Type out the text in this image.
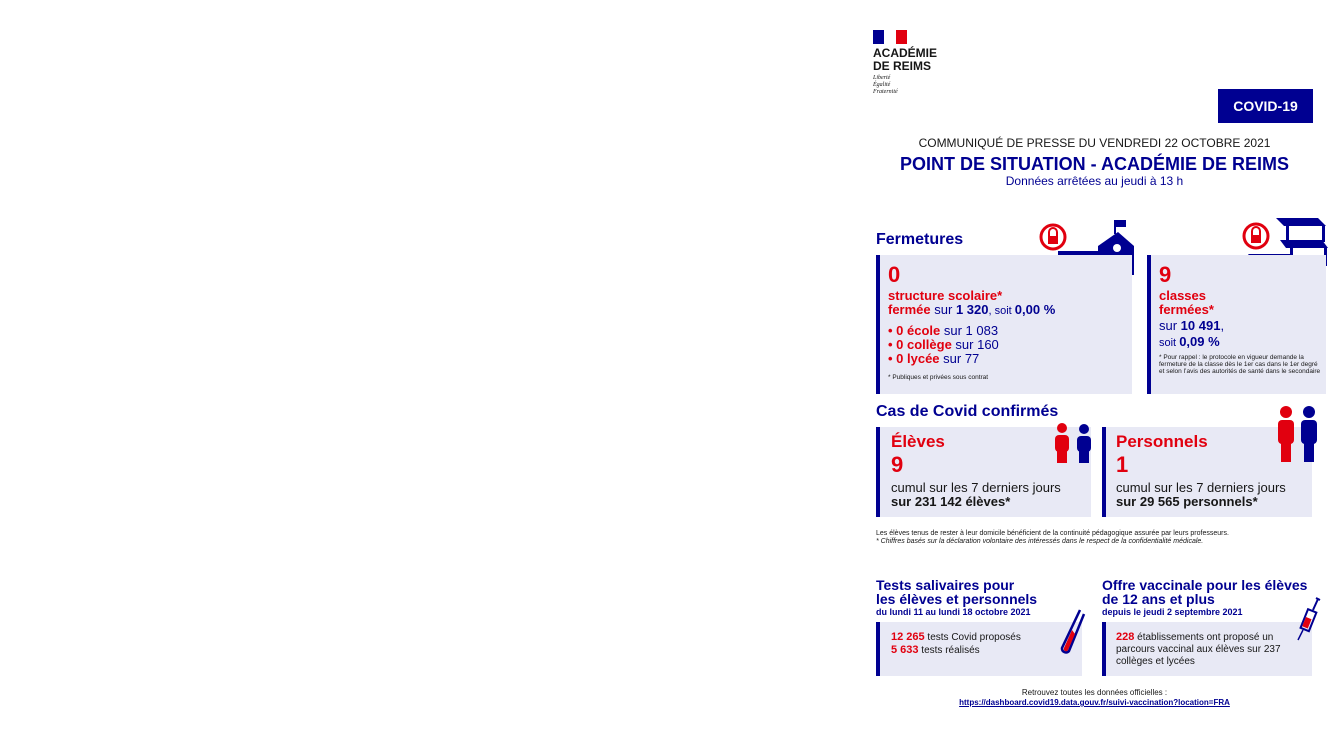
ACADÉMIE
DE REIMS
Liberté
Égalité
Fraternité
COVID-19
COMMUNIQUÉ DE PRESSE DU VENDREDI 22 OCTOBRE 2021
POINT DE SITUATION - ACADÉMIE DE REIMS
Données arrêtées au jeudi à 13 h
Fermetures
0
structure scolaire*
fermée sur 1 320, soit 0,00 %
• 0 école sur 1 083
• 0 collège sur 160
• 0 lycée sur 77
* Publiques et privées sous contrat
9
classes
fermées*
sur 10 491,
soit 0,09 %
* Pour rappel : le protocole en vigueur demande la fermeture de la classe dès le 1er cas dans le 1er degré et selon l’avis des autorités de santé dans le secondaire
Cas de Covid confirmés
Élèves
9
cumul sur les 7 derniers jours
sur 231 142 élèves*
Personnels
1
cumul sur les 7 derniers jours
sur 29 565 personnels*
Les élèves tenus de rester à leur domicile bénéficient de la continuité pédagogique assurée par leurs professeurs.
* Chiffres basés sur la déclaration volontaire des intéressés dans le respect de la confidentialité médicale.
Tests salivaires pour
les élèves et personnels
du lundi 11 au lundi 18 octobre 2021
12 265 tests Covid proposés
5 633 tests réalisés
Offre vaccinale pour les élèves
de 12 ans et plus
depuis le jeudi 2 septembre 2021
228 établissements ont proposé un
parcours vaccinal aux élèves sur 237
collèges et lycées
Retrouvez toutes les données officielles :
https://dashboard.covid19.data.gouv.fr/suivi-vaccination?location=FRA
